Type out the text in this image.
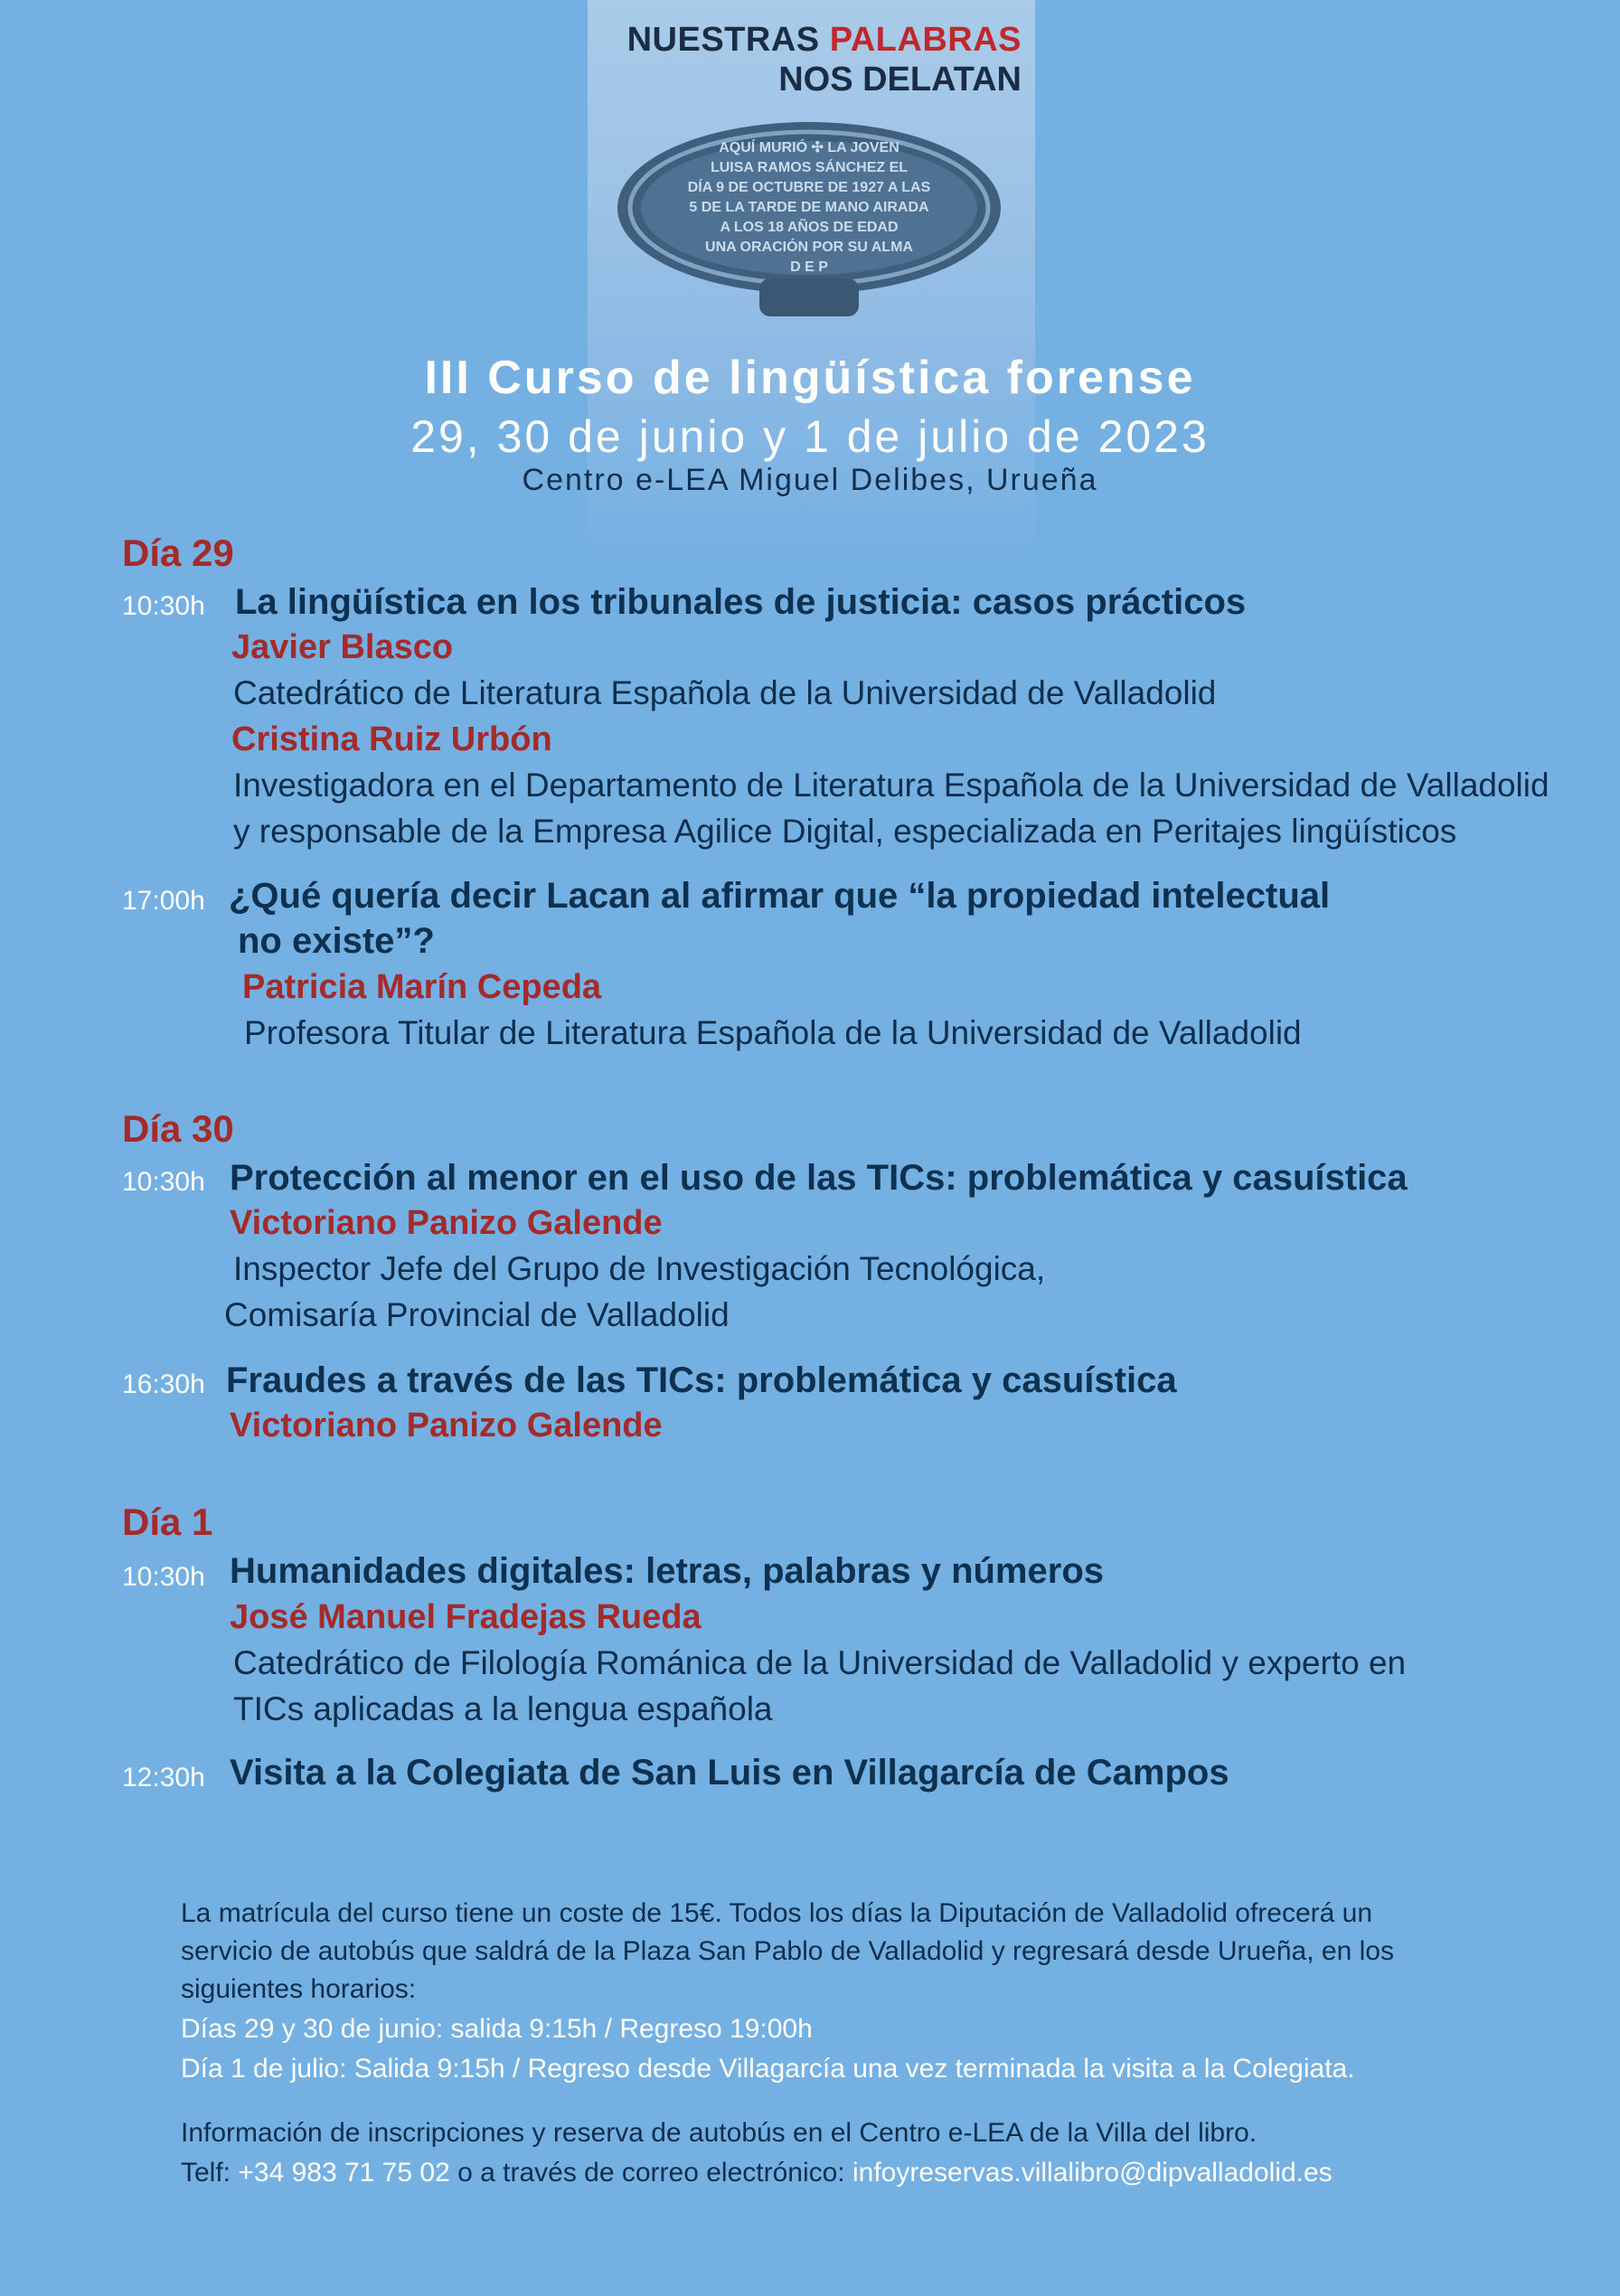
NUESTRAS PALABRAS
NOS DELATAN
AQUÍ MURIÓ ✣ LA JOVEN
LUISA RAMOS SÁNCHEZ EL
DÍA 9 DE OCTUBRE DE 1927 A LAS
5 DE LA TARDE DE MANO AIRADA
A LOS 18 AÑOS DE EDAD
UNA ORACIÓN POR SU ALMA
D E P
III Curso de lingüística forense
29, 30 de junio y 1 de julio de 2023
Centro e-LEA Miguel Delibes, Urueña
Día 29
10:30h La lingüística en los tribunales de justicia: casos prácticos
Javier Blasco
Catedrático de Literatura Española de la Universidad de Valladolid
Cristina Ruiz Urbón
Investigadora en el Departamento de Literatura Española de la Universidad de Valladolid
y responsable de la Empresa Agilice Digital, especializada en Peritajes lingüísticos
17:00h ¿Qué quería decir Lacan al afirmar que “la propiedad intelectual
no existe”?
Patricia Marín Cepeda
Profesora Titular de Literatura Española de la Universidad de Valladolid
Día 30
10:30h Protección al menor en el uso de las TICs: problemática y casuística
Victoriano Panizo Galende
Inspector Jefe del Grupo de Investigación Tecnológica,
Comisaría Provincial de Valladolid
16:30h Fraudes a través de las TICs: problemática y casuística
Victoriano Panizo Galende
Día 1
10:30h Humanidades digitales: letras, palabras y números
José Manuel Fradejas Rueda
Catedrático de Filología Románica de la Universidad de Valladolid y experto en
TICs aplicadas a la lengua española
12:30h Visita a la Colegiata de San Luis en Villagarcía de Campos
La matrícula del curso tiene un coste de 15€. Todos los días la Diputación de Valladolid ofrecerá un
servicio de autobús que saldrá de la Plaza San Pablo de Valladolid y regresará desde Urueña, en los
siguientes horarios:
Días 29 y 30 de junio: salida 9:15h / Regreso 19:00h
Día 1 de julio: Salida 9:15h / Regreso desde Villagarcía una vez terminada la visita a la Colegiata.
Información de inscripciones y reserva de autobús en el Centro e-LEA de la Villa del libro.
Telf: +34 983 71 75 02 o a través de correo electrónico: infoyreservas.villalibro@dipvalladolid.es
